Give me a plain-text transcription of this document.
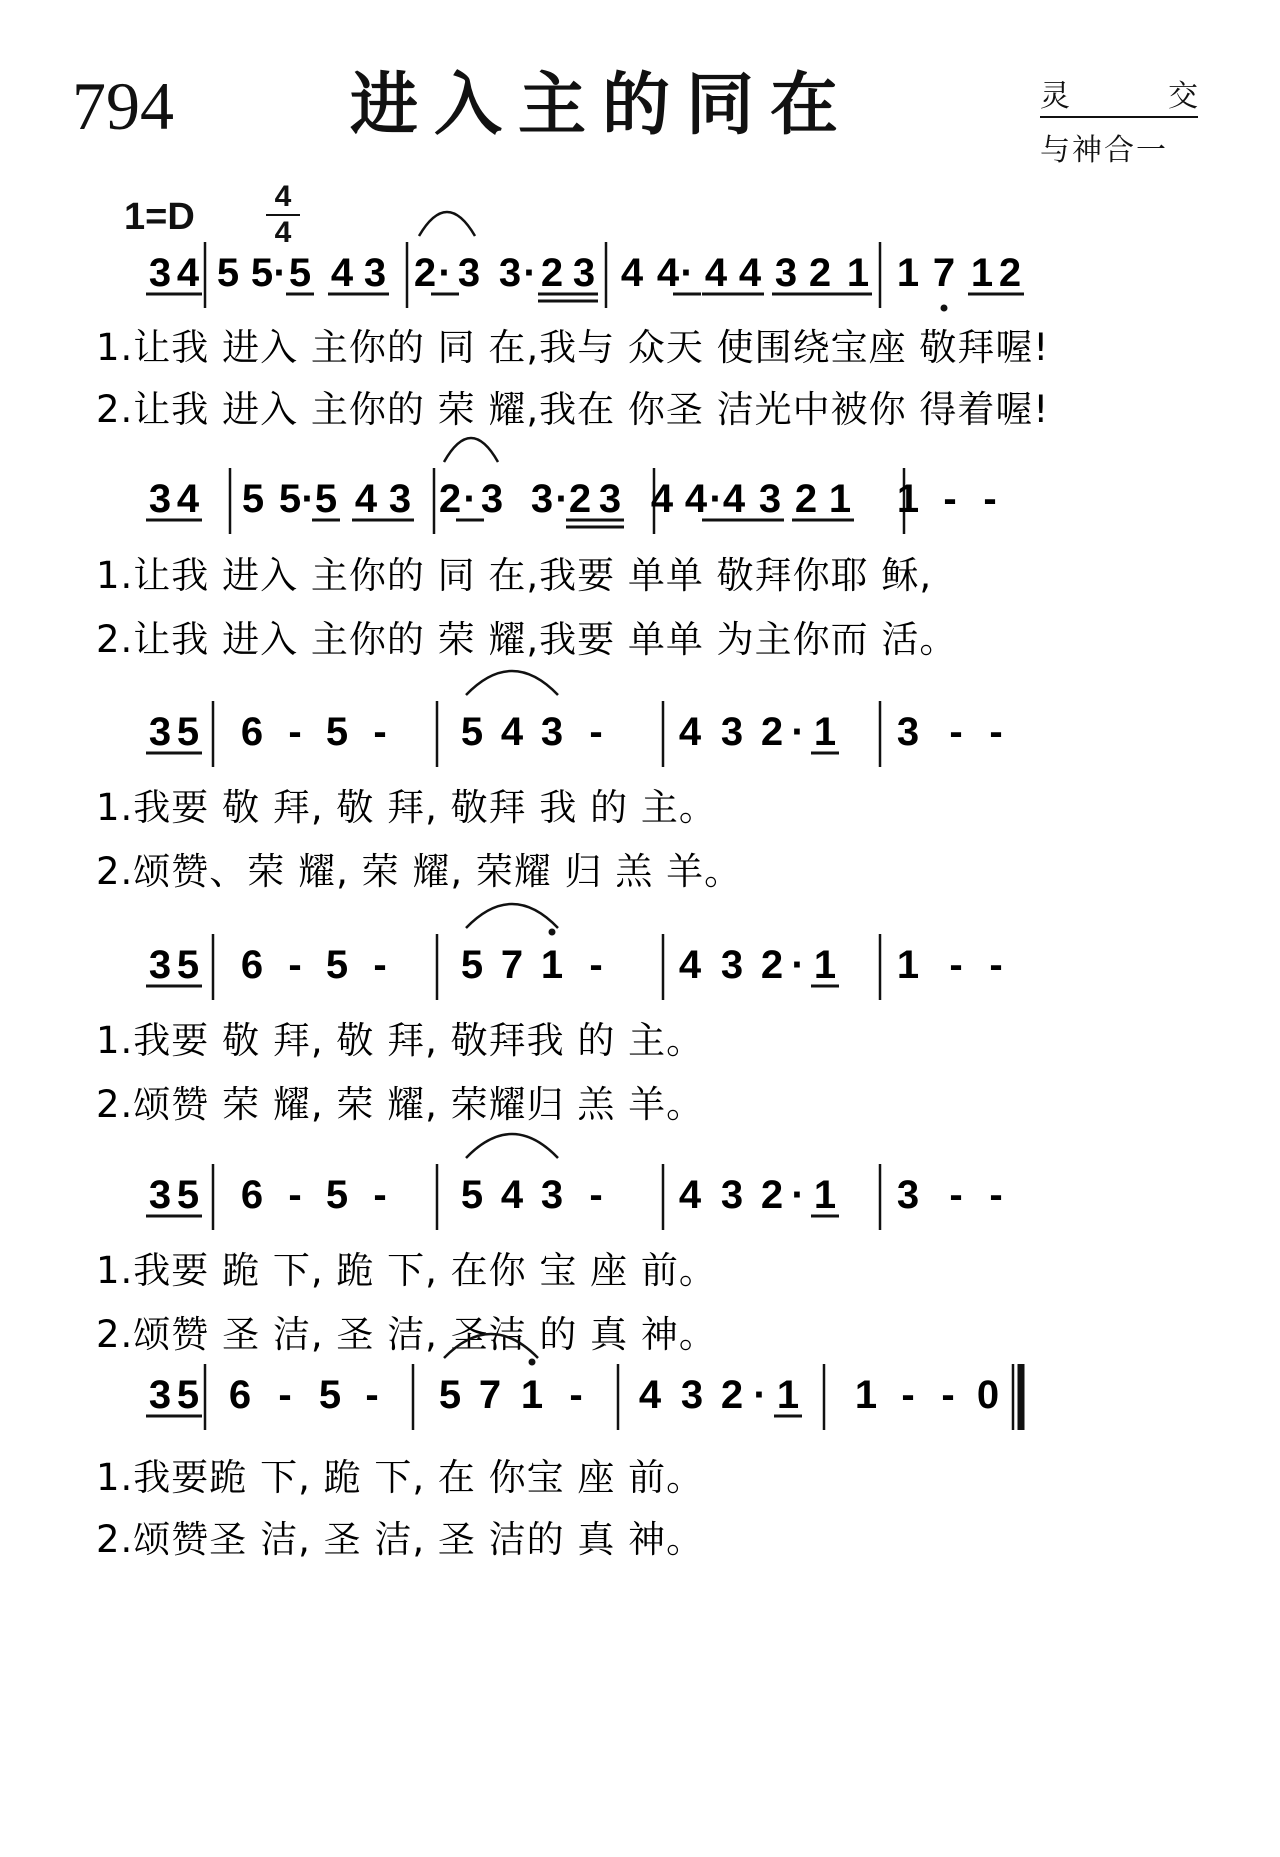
794	进入主的同在	灵	交
与神合一
1=D	4
4
3 4 5 5 · 5 4 3 2 · 3 3 · 2 3 4 4 · 4 4 3 2 1 1 7 1 2
1.让我 进入 主你的 同 在,我与 众天 使围绕宝座 敬拜喔!
2.让我 进入 主你的 荣 耀,我在 你圣 洁光中被你 得着喔!
3 4 5 5 · 5 4 3 2 · 3 3 · 2 3 4 4 · 4 3 2 1 1 - -
1.让我 进入 主你的 同 在,我要 单单 敬拜你耶 稣,
2.让我 进入 主你的 荣 耀,我要 单单 为主你而 活。
3 5 6 - 5 - 5 4 3 - 4 3 2 · 1 3 - -
1.我要 敬 拜, 敬 拜, 敬拜 我 的 主。
2.颂赞、荣 耀, 荣 耀, 荣耀 归 羔 羊。
3 5 6 - 5 - 5 7 1 - 4 3 2 · 1 1 - -
1.我要 敬 拜, 敬 拜, 敬拜我 的 主。
2.颂赞 荣 耀, 荣 耀, 荣耀归 羔 羊。
3 5 6 - 5 - 5 4 3 - 4 3 2 · 1 3 - -
1.我要 跪 下, 跪 下, 在你 宝 座 前。
2.颂赞 圣 洁, 圣 洁, 圣洁 的 真 神。
3 5 6 - 5 - 5 7 1 - 4 3 2 · 1 1 - - 0
1.我要跪 下, 跪 下, 在 你宝 座 前。
2.颂赞圣 洁, 圣 洁, 圣 洁的 真 神。
